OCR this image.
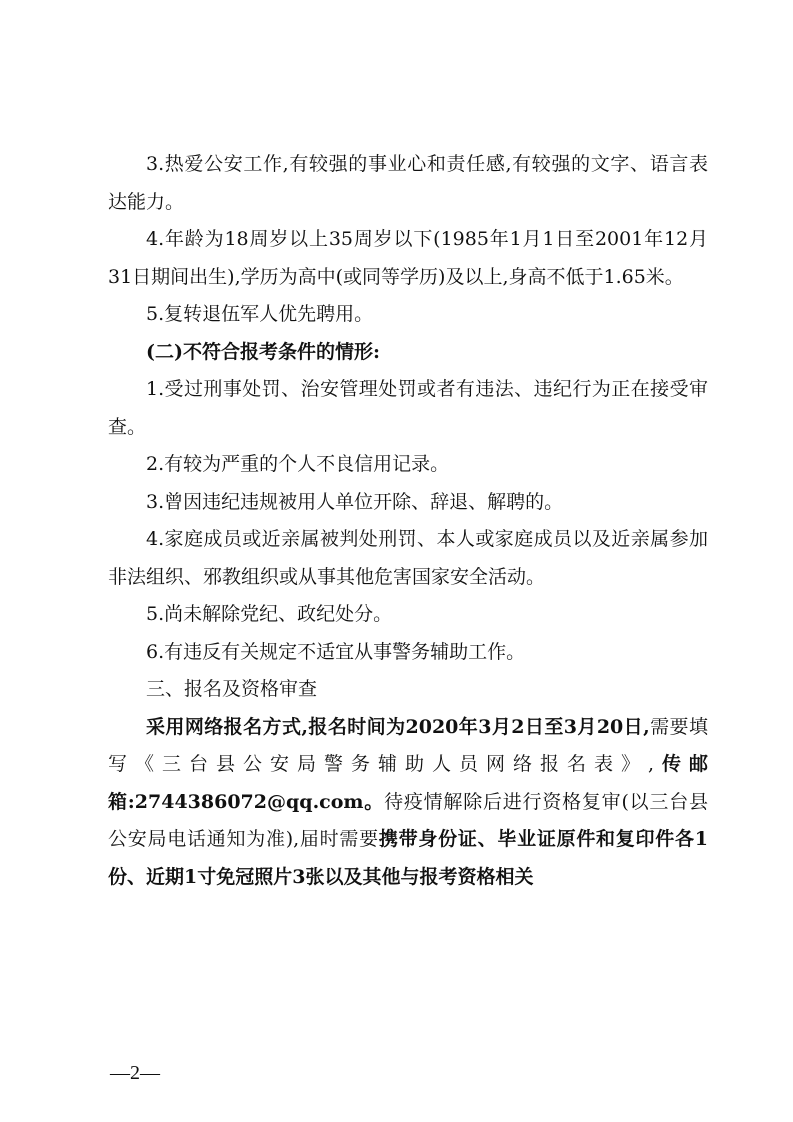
3.热爱公安工作,有较强的事业心和责任感,有较强的文字、语言表达能力。

4.年龄为18周岁以上35周岁以下(1985年1月1日至2001年12月31日期间出生),学历为高中(或同等学历)及以上,身高不低于1.65米。

5.复转退伍军人优先聘用。

(二)不符合报考条件的情形:

1.受过刑事处罚、治安管理处罚或者有违法、违纪行为正在接受审查。

2.有较为严重的个人不良信用记录。

3.曾因违纪违规被用人单位开除、辞退、解聘的。

4.家庭成员或近亲属被判处刑罚、本人或家庭成员以及近亲属参加非法组织、邪教组织或从事其他危害国家安全活动。

5.尚未解除党纪、政纪处分。

6.有违反有关规定不适宜从事警务辅助工作。

三、报名及资格审查

采用网络报名方式,报名时间为2020年3月2日至3月20日,需要填写《三台县公安局警务辅助人员网络报名表》,传邮箱:2744386072@qq.com。待疫情解除后进行资格复审(以三台县公安局电话通知为准),届时需要携带身份证、毕业证原件和复印件各1份、近期1寸免冠照片3张以及其他与报考资格相关

—2—
